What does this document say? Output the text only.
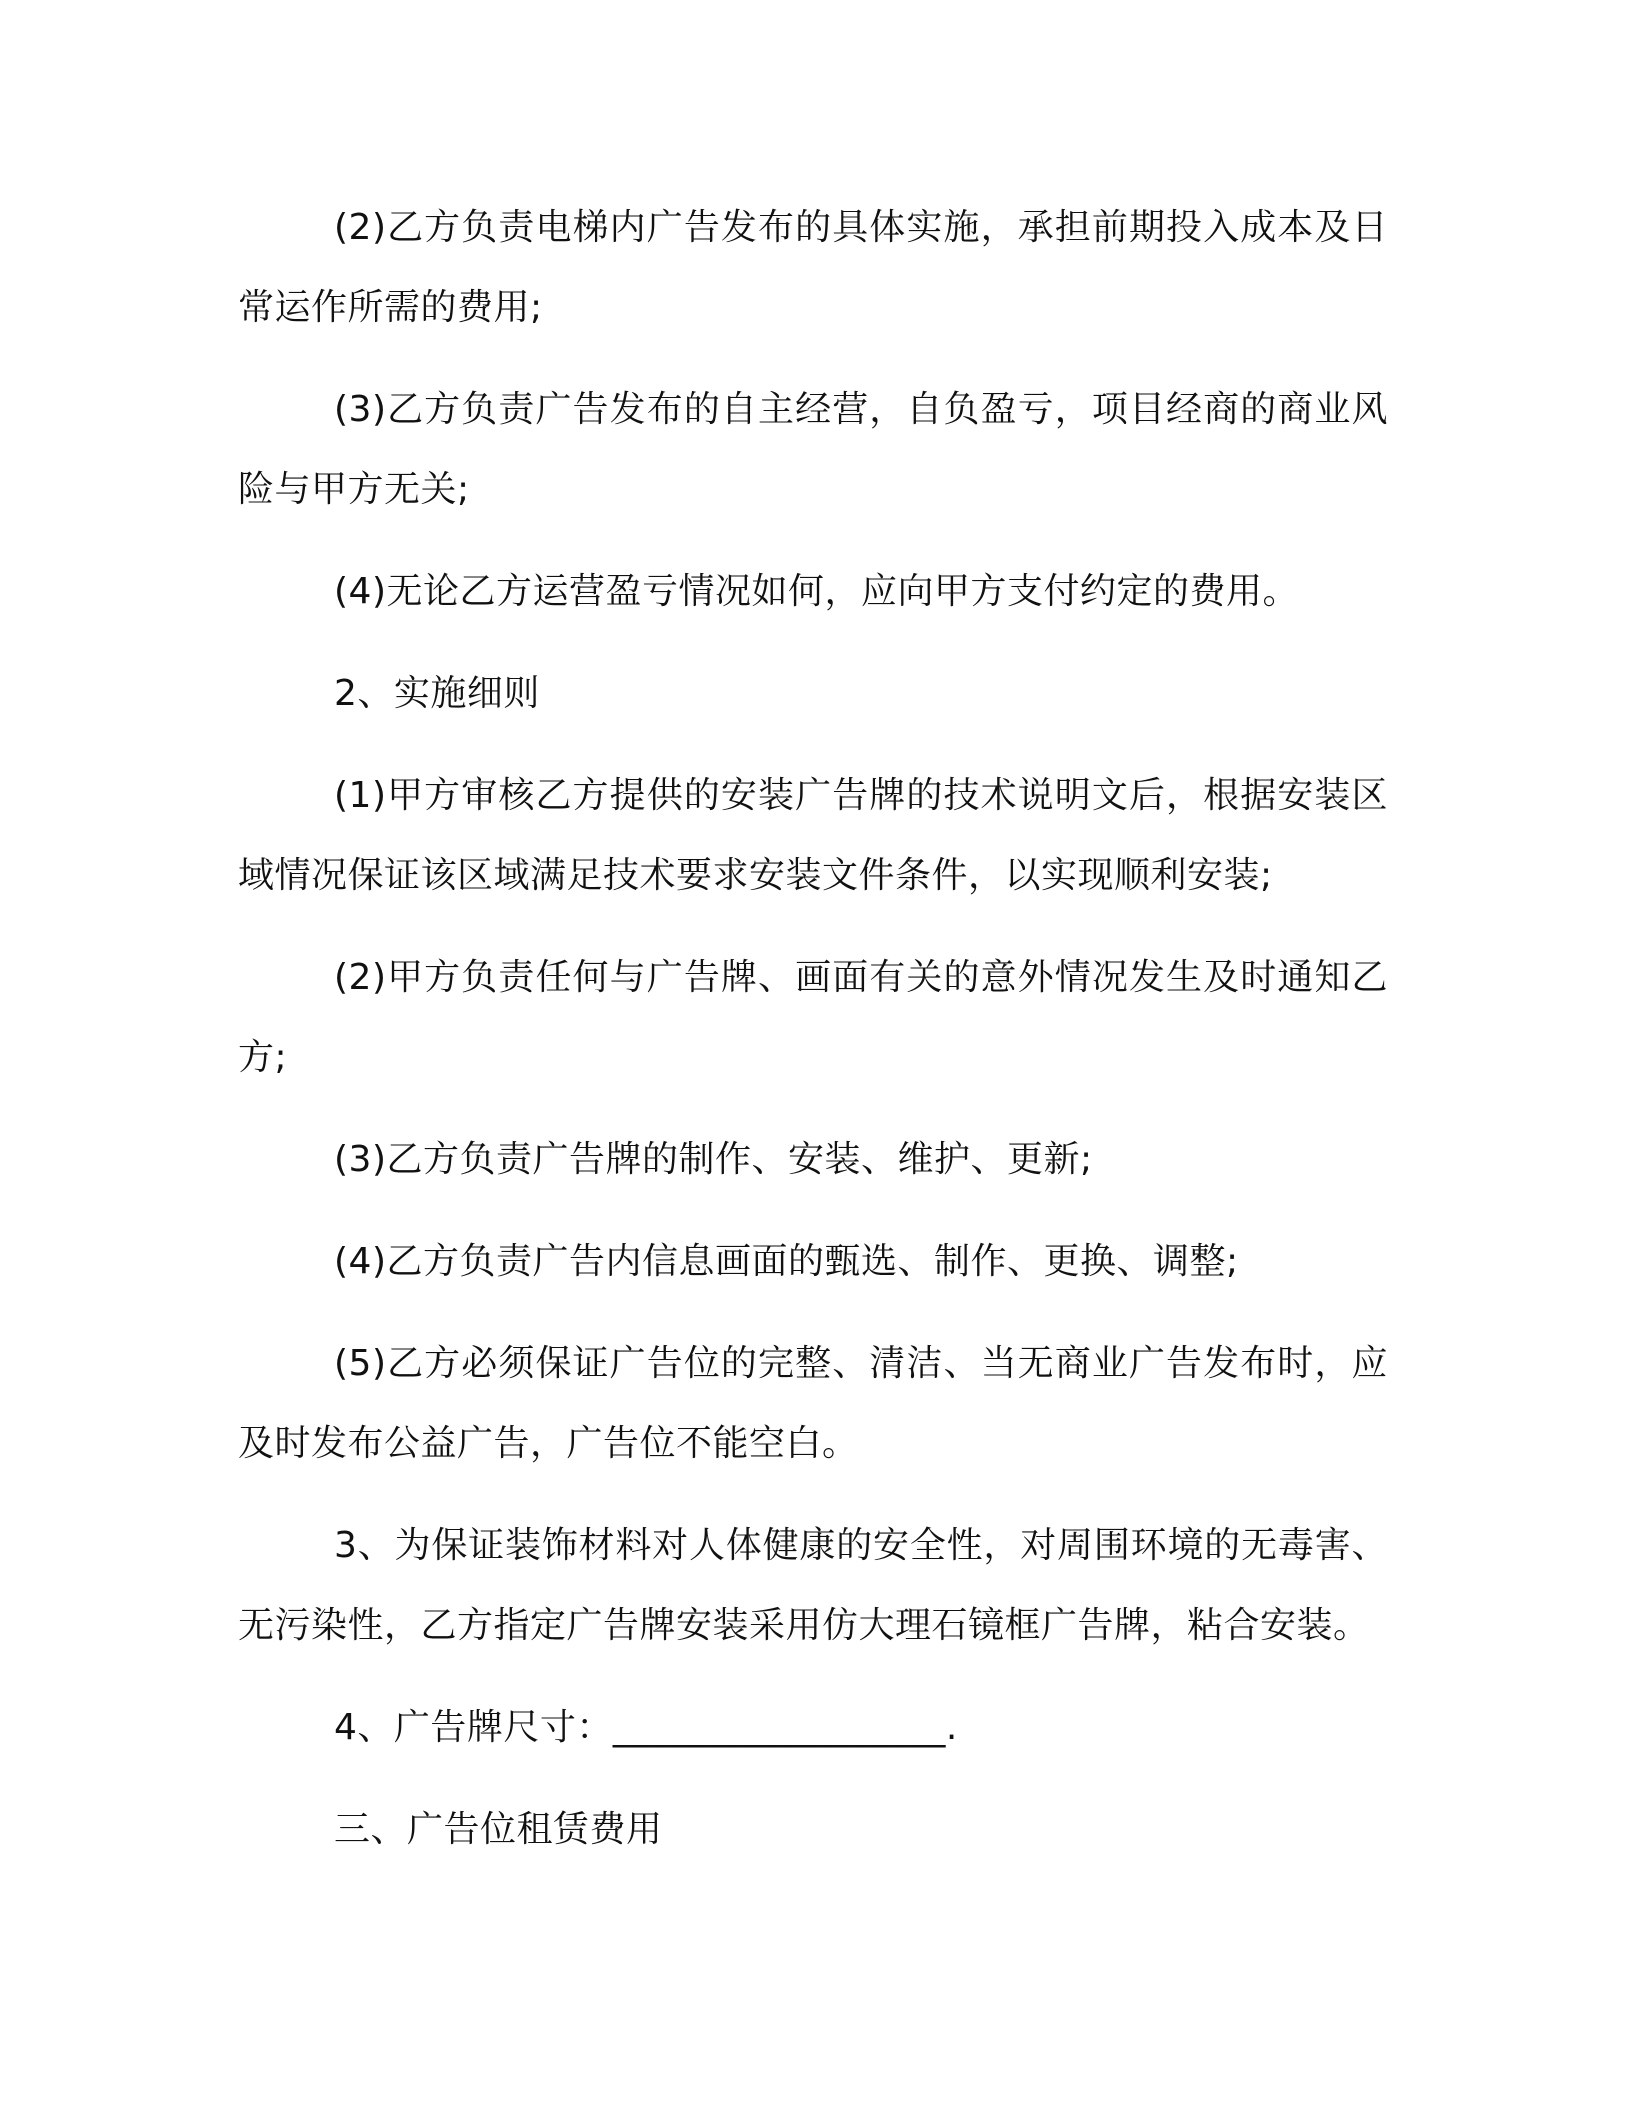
(2)乙方负责电梯内广告发布的具体实施，承担前期投入成本及日常运作所需的费用;

(3)乙方负责广告发布的自主经营，自负盈亏，项目经商的商业风险与甲方无关;

(4)无论乙方运营盈亏情况如何，应向甲方支付约定的费用。

2、实施细则

(1)甲方审核乙方提供的安装广告牌的技术说明文后，根据安装区域情况保证该区域满足技术要求安装文件条件，以实现顺利安装;

(2)甲方负责任何与广告牌、画面有关的意外情况发生及时通知乙方;

(3)乙方负责广告牌的制作、安装、维护、更新;

(4)乙方负责广告内信息画面的甄选、制作、更换、调整;

(5)乙方必须保证广告位的完整、清洁、当无商业广告发布时，应及时发布公益广告，广告位不能空白。

3、为保证装饰材料对人体健康的安全性，对周围环境的无毒害、无污染性，乙方指定广告牌安装采用仿大理石镜框广告牌，粘合安装。

4、广告牌尺寸：__________________.

三、广告位租赁费用
